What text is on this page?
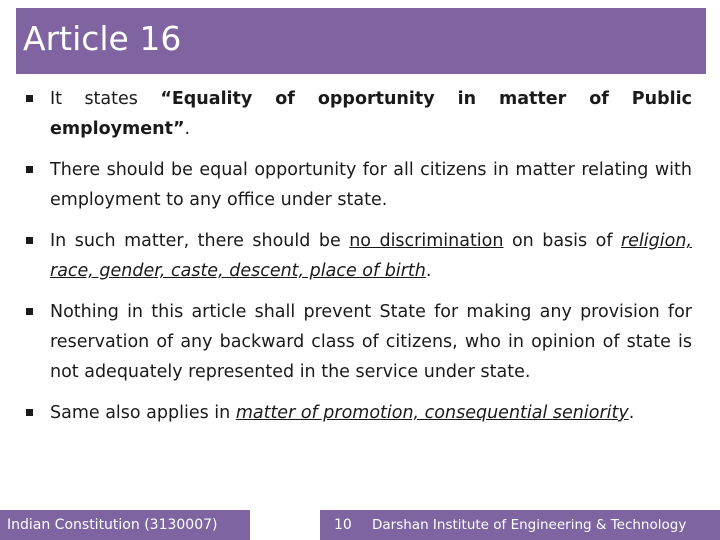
Article 16
It states “Equality of opportunity in matter of Public employment”.
There should be equal opportunity for all citizens in matter relating with employment to any office under state.
In such matter, there should be no discrimination on basis of religion, race, gender, caste, descent, place of birth.
Nothing in this article shall prevent State for making any provision for reservation of any backward class of citizens, who in opinion of state is not adequately represented in the service under state.
Same also applies in matter of promotion, consequential seniority.
Indian Constitution (3130007)	10 Darshan Institute of Engineering & Technology
